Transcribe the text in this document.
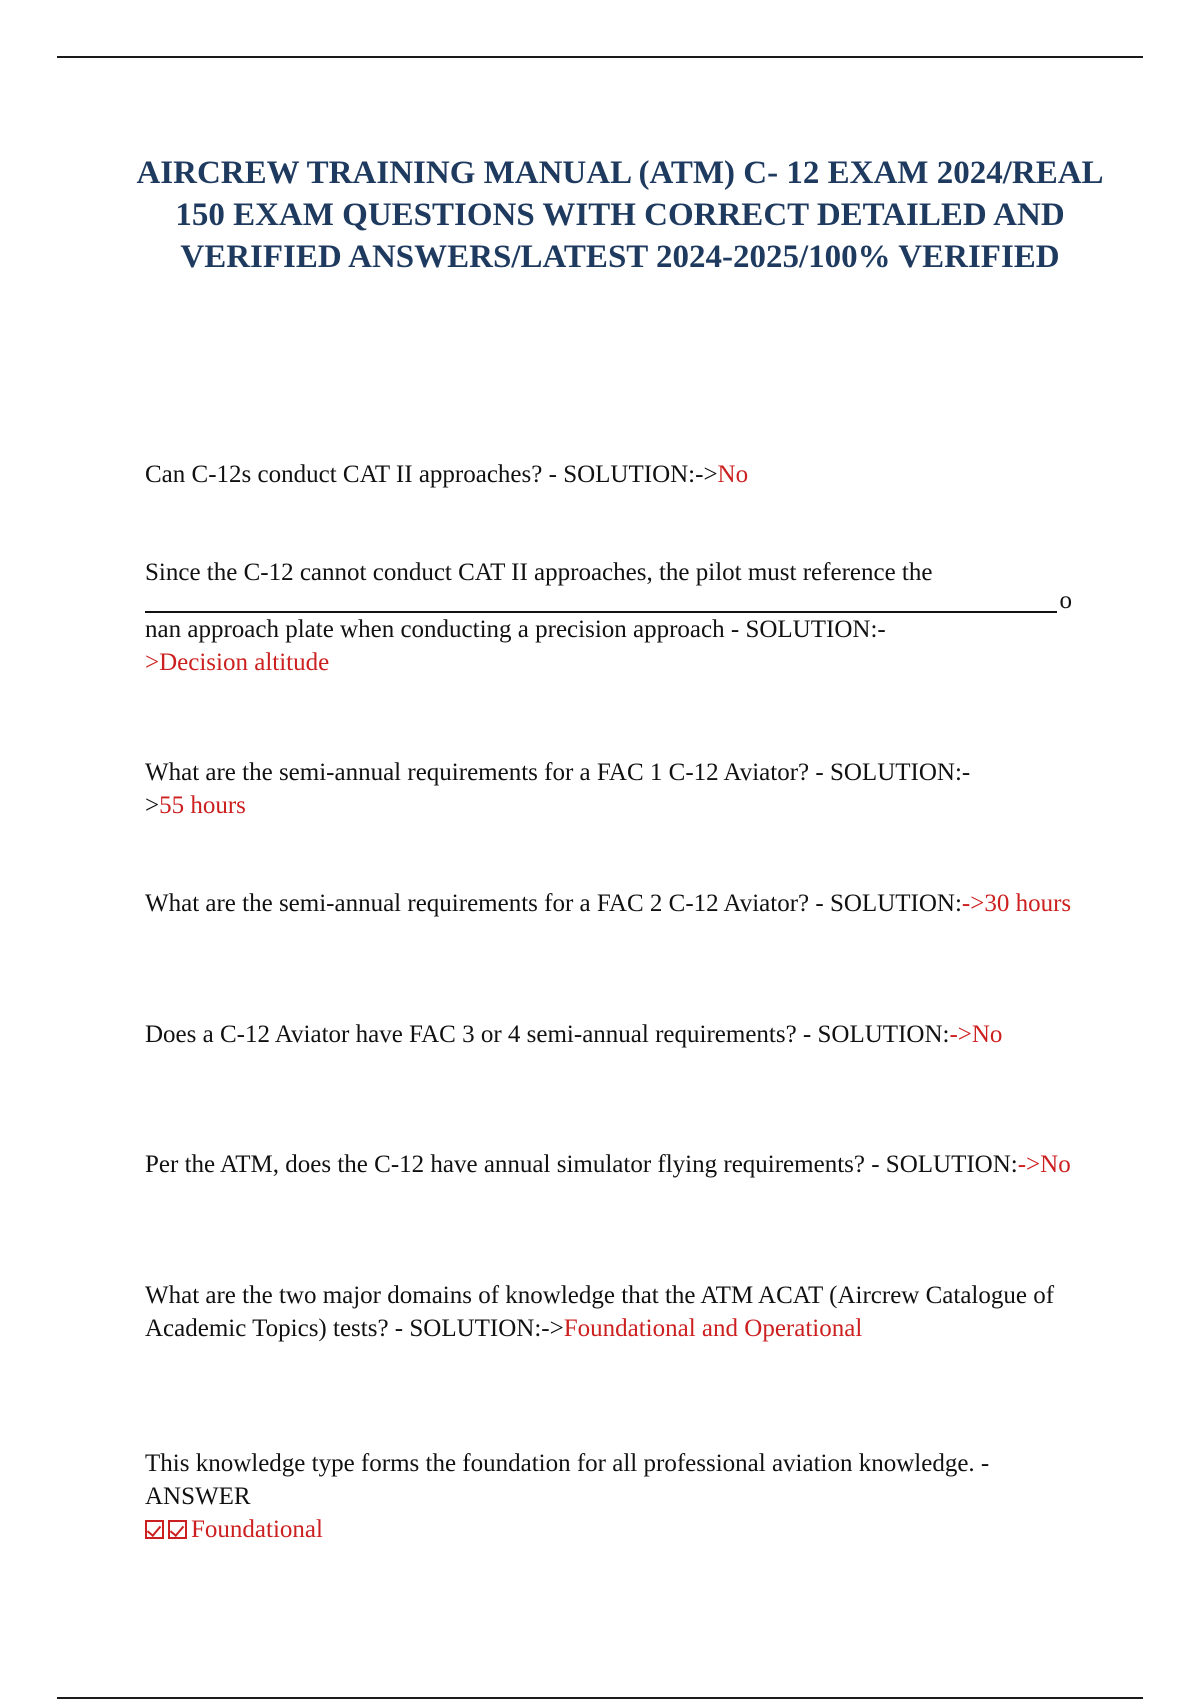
AIRCREW TRAINING MANUAL (ATM) C- 12 EXAM 2024/REAL 150 EXAM QUESTIONS WITH CORRECT DETAILED AND VERIFIED ANSWERS/LATEST 2024-2025/100% VERIFIED

Can C-12s conduct CAT II approaches? - SOLUTION:->No

Since the C-12 cannot conduct CAT II approaches, the pilot must reference the
o
nan approach plate when conducting a precision approach - SOLUTION:-
>Decision altitude

What are the semi-annual requirements for a FAC 1 C-12 Aviator? - SOLUTION:-
>55 hours

What are the semi-annual requirements for a FAC 2 C-12 Aviator? - SOLUTION:->30 hours

Does a C-12 Aviator have FAC 3 or 4 semi-annual requirements? - SOLUTION:->No

Per the ATM, does the C-12 have annual simulator flying requirements? - SOLUTION:->No

What are the two major domains of knowledge that the ATM ACAT (Aircrew Catalogue of Academic Topics) tests? - SOLUTION:->Foundational and Operational

This knowledge type forms the foundation for all professional aviation knowledge. - ANSWER
Foundational
